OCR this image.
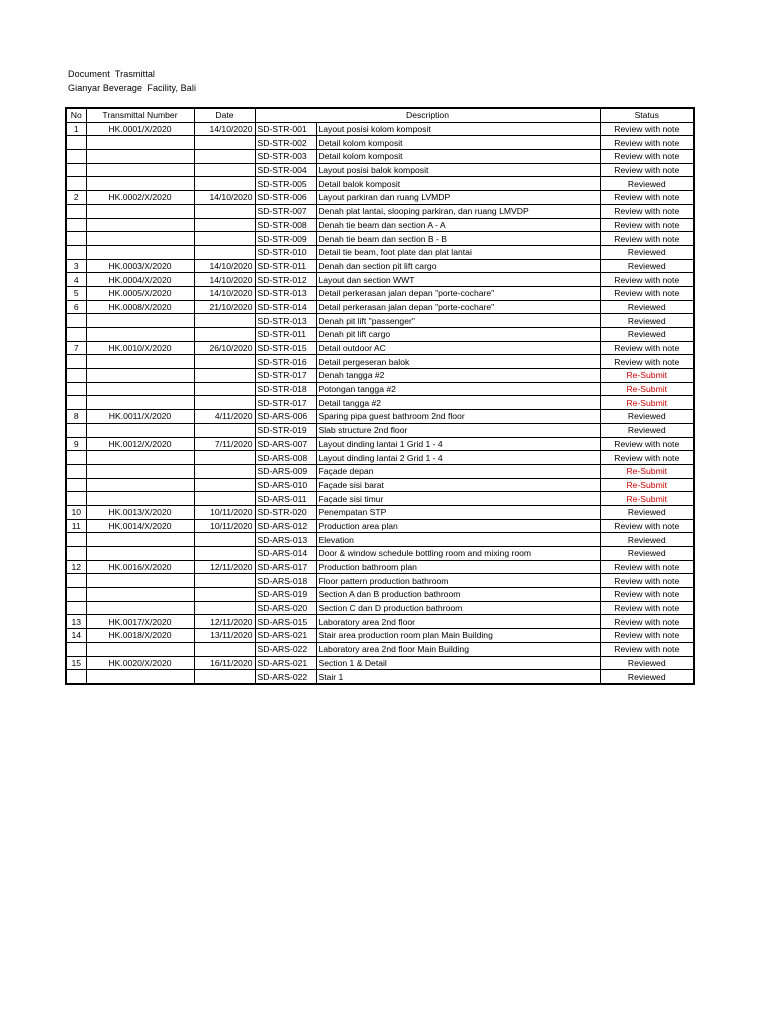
Document  Trasmittal
Gianyar Beverage  Facility, Bali
No	Transmittal Number	Date	Description		Status
1	HK.0001/X/2020	14/10/2020	SD-STR-001	Layout posisi kolom komposit	Review with note
			SD-STR-002	Detail kolom komposit	Review with note
			SD-STR-003	Detail kolom komposit	Review with note
			SD-STR-004	Layout posisi balok komposit	Review with note
			SD-STR-005	Detail balok komposit	Reviewed
2	HK.0002/X/2020	14/10/2020	SD-STR-006	Layout parkiran dan ruang LVMDP	Review with note
			SD-STR-007	Denah plat lantai, slooping parkiran, dan ruang LMVDP	Review with note
			SD-STR-008	Denah tie beam dan section A - A	Review with note
			SD-STR-009	Denah tie beam dan section B - B	Review with note
			SD-STR-010	Detail tie beam, foot plate dan plat lantai	Reviewed
3	HK.0003/X/2020	14/10/2020	SD-STR-011	Denah dan section pit lift cargo	Reviewed
4	HK.0004/X/2020	14/10/2020	SD-STR-012	Layout dan section WWT	Review with note
5	HK.0005/X/2020	14/10/2020	SD-STR-013	Detail perkerasan jalan depan "porte-cochare"	Review with note
6	HK.0008/X/2020	21/10/2020	SD-STR-014	Detail perkerasan jalan depan "porte-cochare"	Reviewed
			SD-STR-013	Denah pit lift "passenger"	Reviewed
			SD-STR-011	Denah pit lift cargo	Reviewed
7	HK.0010/X/2020	26/10/2020	SD-STR-015	Detail outdoor AC	Review with note
			SD-STR-016	Detail pergeseran balok	Review with note
			SD-STR-017	Denah tangga #2	Re-Submit
			SD-STR-018	Potongan tangga #2	Re-Submit
			SD-STR-017	Detail tangga #2	Re-Submit
8	HK.0011/X/2020	4/11/2020	SD-ARS-006	Sparing pipa guest bathroom 2nd floor	Reviewed
			SD-STR-019	Slab structure 2nd floor	Reviewed
9	HK.0012/X/2020	7/11/2020	SD-ARS-007	Layout dinding lantai 1 Grid 1 - 4	Review with note
			SD-ARS-008	Layout dinding lantai 2 Grid 1 - 4	Review with note
			SD-ARS-009	Façade depan	Re-Submit
			SD-ARS-010	Façade sisi barat	Re-Submit
			SD-ARS-011	Façade sisi timur	Re-Submit
10	HK.0013/X/2020	10/11/2020	SD-STR-020	Penempatan STP	Reviewed
11	HK.0014/X/2020	10/11/2020	SD-ARS-012	Production area plan	Review with note
			SD-ARS-013	Elevation	Reviewed
			SD-ARS-014	Door & window schedule bottling room and mixing room	Reviewed
12	HK.0016/X/2020	12/11/2020	SD-ARS-017	Production bathroom plan	Review with note
			SD-ARS-018	Floor pattern production bathroom	Review with note
			SD-ARS-019	Section A dan B production bathroom	Review with note
			SD-ARS-020	Section C dan D production bathroom	Review with note
13	HK.0017/X/2020	12/11/2020	SD-ARS-015	Laboratory area 2nd floor	Review with note
14	HK.0018/X/2020	13/11/2020	SD-ARS-021	Stair area production room plan Main Building	Review with note
			SD-ARS-022	Laboratory area 2nd floor Main Building	Review with note
15	HK.0020/X/2020	16/11/2020	SD-ARS-021	Section 1 & Detail	Reviewed
			SD-ARS-022	Stair 1	Reviewed
